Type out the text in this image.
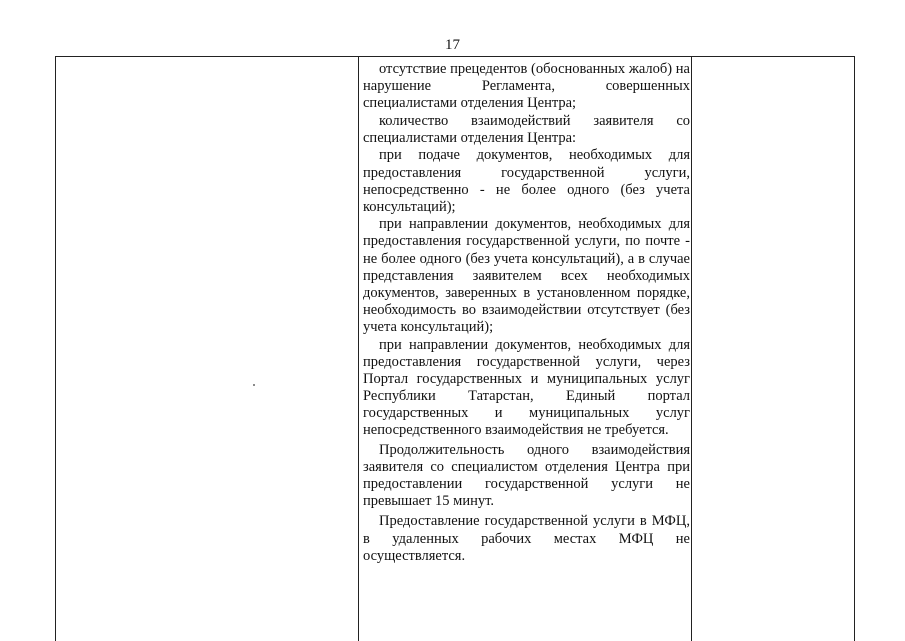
17

отсутствие прецедентов (обоснованных жалоб) на нарушение Регламента, совершенных специалистами отделения Центра;

количество взаимодействий заявителя со специалистами отделения Центра:

при подаче документов, необходимых для предоставления государственной услуги, непосредственно - не более одного (без учета консультаций);

при направлении документов, необходимых для предоставления государственной услуги, по почте - не более одного (без учета консультаций), а в случае представления заявителем всех необходимых документов, заверенных в установленном порядке, необходимость во взаимодействии отсутствует (без учета консультаций);

при направлении документов, необходимых для предоставления государственной услуги, через Портал государственных и муниципальных услуг Республики Татарстан, Единый портал государственных и муниципальных услуг непосредственного взаимодействия не требуется.

Продолжительность одного взаимодействия заявителя со специалистом отделения Центра при предоставлении государственной услуги не превышает 15 минут.

Предоставление государственной услуги в МФЦ, в удаленных рабочих местах МФЦ не осуществляется.
